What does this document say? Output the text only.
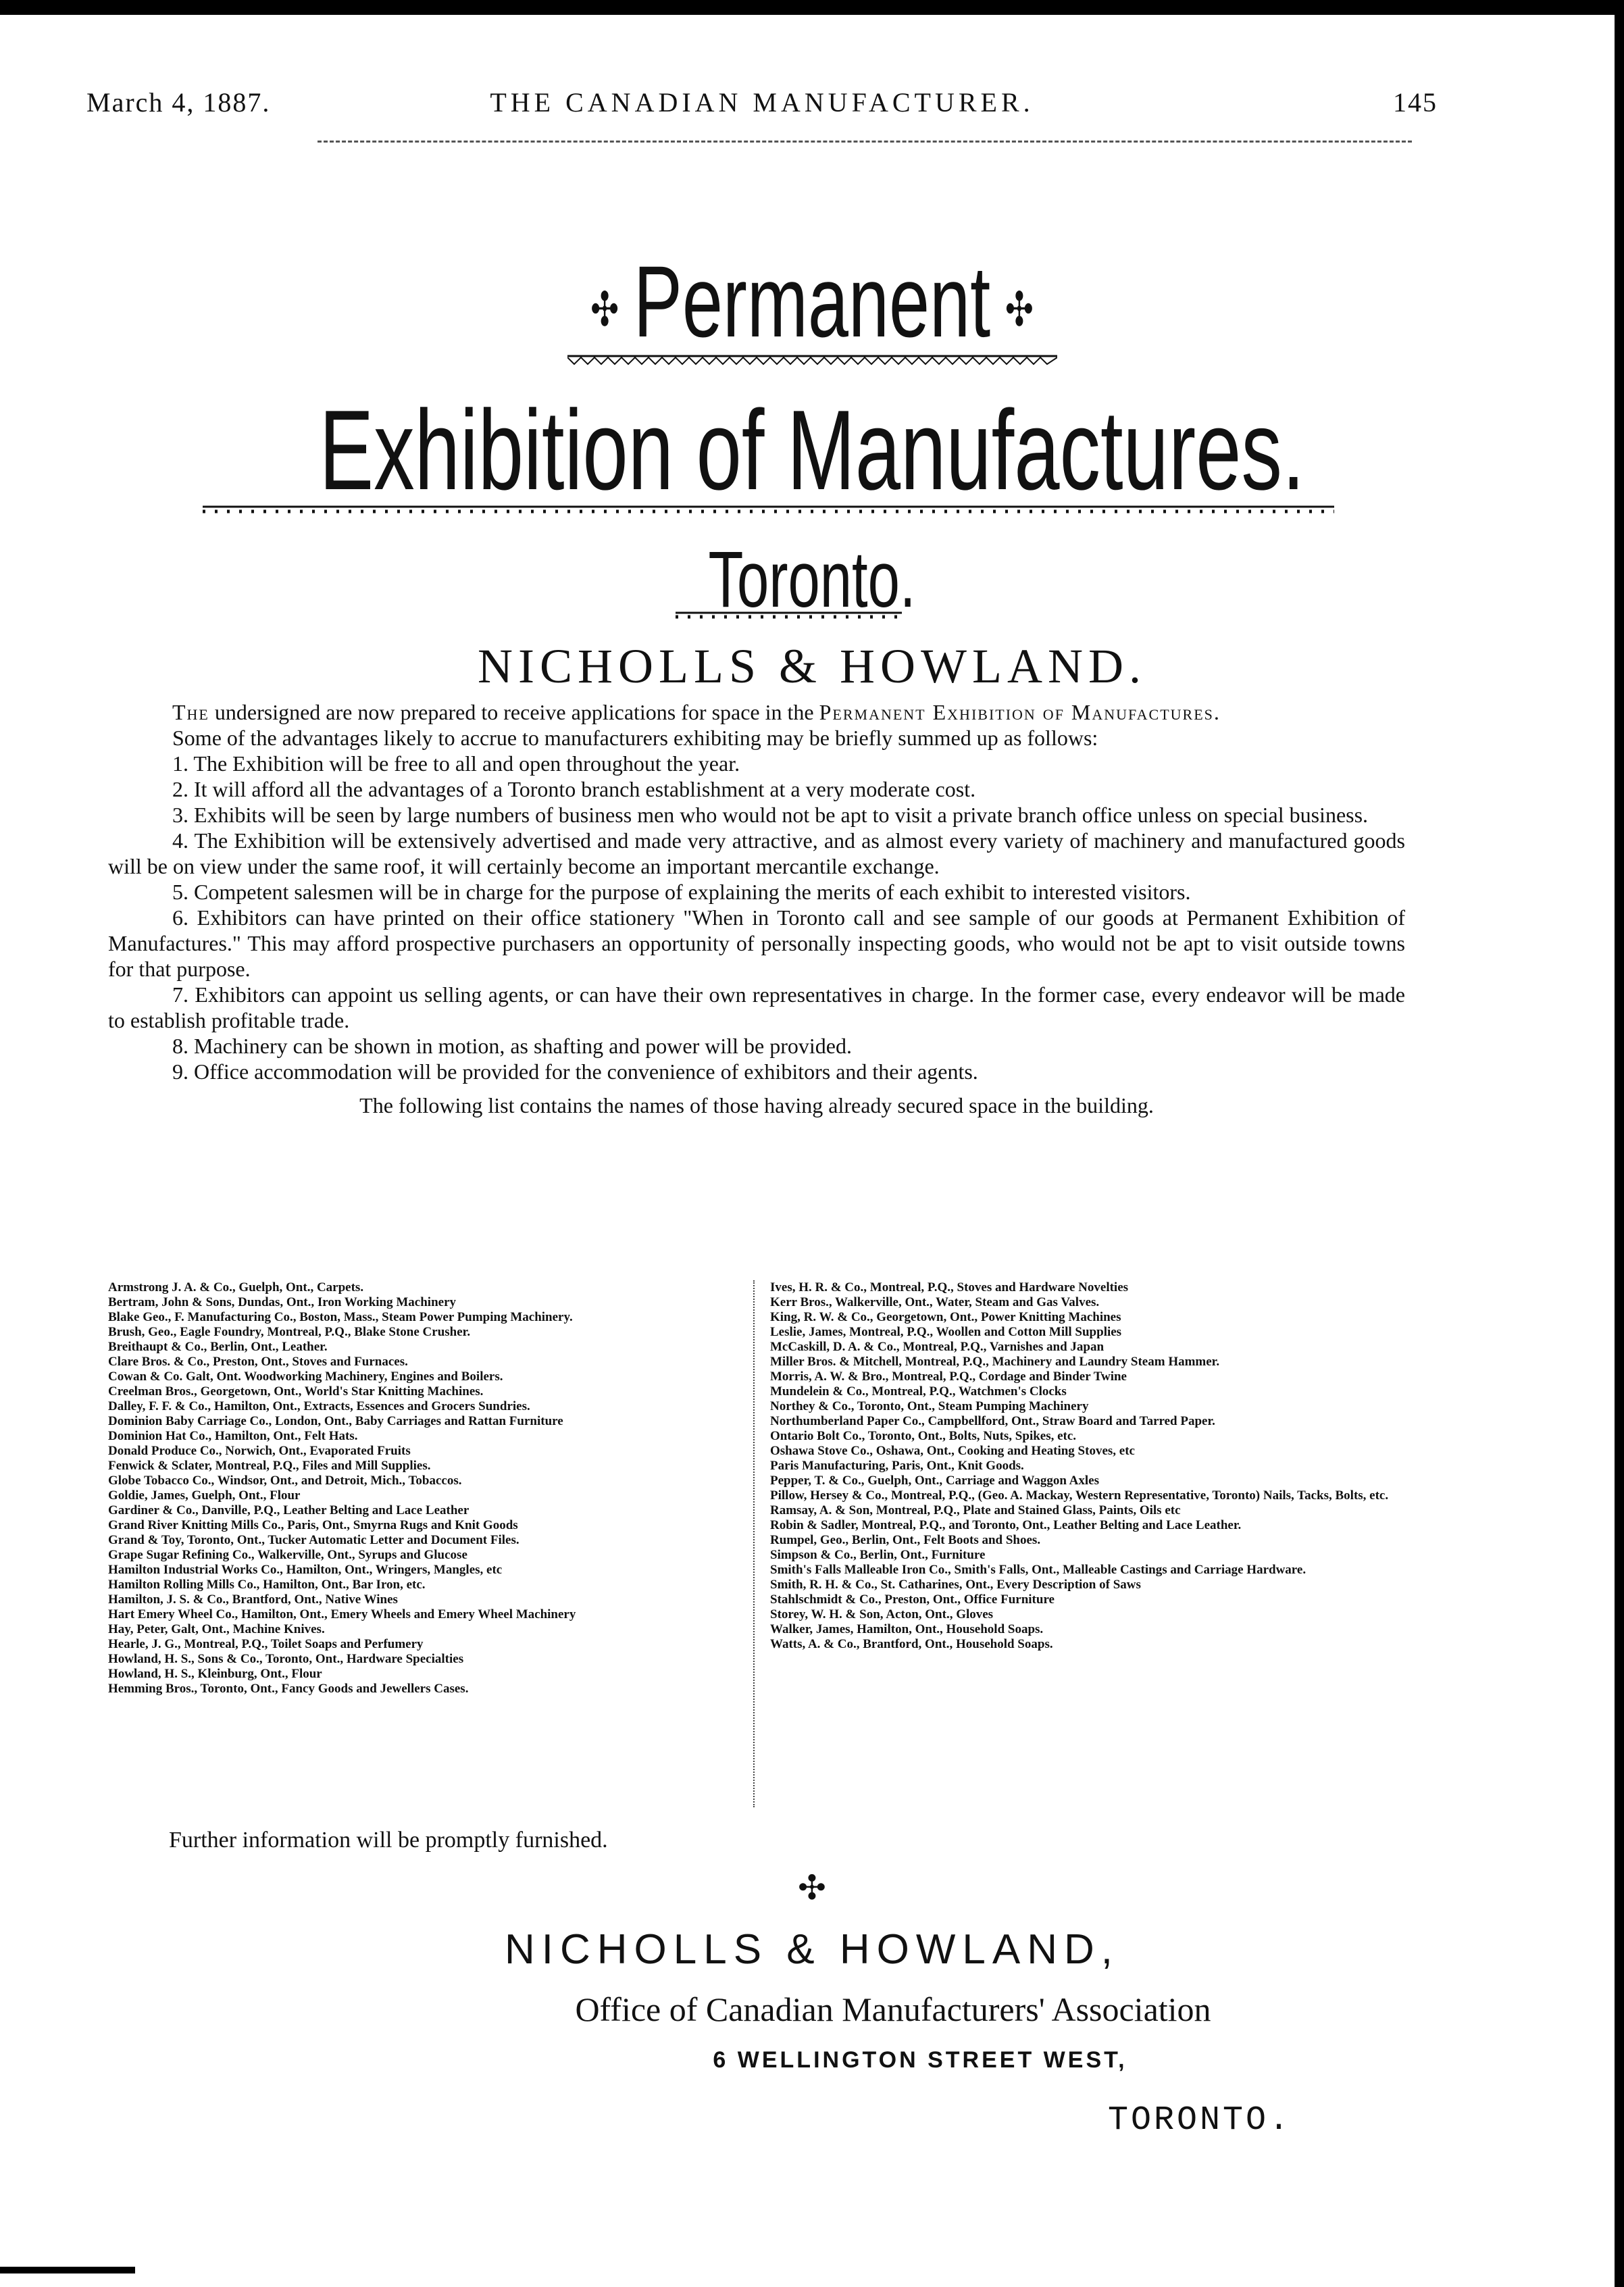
March 4, 1887.	THE CANADIAN MANUFACTURER.	145
✣ Permanent ✣
Exhibition of Manufactures.
Toronto.
NICHOLLS & HOWLAND.

The undersigned are now prepared to receive applications for space in the Permanent Exhibition of Manufactures.

Some of the advantages likely to accrue to manufacturers exhibiting may be briefly summed up as follows:

1. The Exhibition will be free to all and open throughout the year.

2. It will afford all the advantages of a Toronto branch establishment at a very moderate cost.

3. Exhibits will be seen by large numbers of business men who would not be apt to visit a private branch office unless on special business.

4. The Exhibition will be extensively advertised and made very attractive, and as almost every variety of machinery and manufactured goods will be on view under the same roof, it will certainly become an important mercantile exchange.

5. Competent salesmen will be in charge for the purpose of explaining the merits of each exhibit to interested visitors.

6. Exhibitors can have printed on their office stationery "When in Toronto call and see sample of our goods at Permanent Exhibition of Manufactures." This may afford prospective purchasers an opportunity of personally inspecting goods, who would not be apt to visit outside towns for that purpose.

7. Exhibitors can appoint us selling agents, or can have their own representatives in charge. In the former case, every endeavor will be made to establish profitable trade.

8. Machinery can be shown in motion, as shafting and power will be provided.

9. Office accommodation will be provided for the convenience of exhibitors and their agents.

The following list contains the names of those having already secured space in the building.

Armstrong J. A. & Co., Guelph, Ont., Carpets.

Bertram, John & Sons, Dundas, Ont., Iron Working Machinery

Blake Geo., F. Manufacturing Co., Boston, Mass., Steam Power Pumping Machinery.

Brush, Geo., Eagle Foundry, Montreal, P.Q., Blake Stone Crusher.

Breithaupt & Co., Berlin, Ont., Leather.

Clare Bros. & Co., Preston, Ont., Stoves and Furnaces.

Cowan & Co. Galt, Ont. Woodworking Machinery, Engines and Boilers.

Creelman Bros., Georgetown, Ont., World's Star Knitting Machines.

Dalley, F. F. & Co., Hamilton, Ont., Extracts, Essences and Grocers Sundries.

Dominion Baby Carriage Co., London, Ont., Baby Carriages and Rattan Furniture

Dominion Hat Co., Hamilton, Ont., Felt Hats.

Donald Produce Co., Norwich, Ont., Evaporated Fruits

Fenwick & Sclater, Montreal, P.Q., Files and Mill Supplies.

Globe Tobacco Co., Windsor, Ont., and Detroit, Mich., Tobaccos.

Goldie, James, Guelph, Ont., Flour

Gardiner & Co., Danville, P.Q., Leather Belting and Lace Leather

Grand River Knitting Mills Co., Paris, Ont., Smyrna Rugs and Knit Goods

Grand & Toy, Toronto, Ont., Tucker Automatic Letter and Document Files.

Grape Sugar Refining Co., Walkerville, Ont., Syrups and Glucose

Hamilton Industrial Works Co., Hamilton, Ont., Wringers, Mangles, etc

Hamilton Rolling Mills Co., Hamilton, Ont., Bar Iron, etc.

Hamilton, J. S. & Co., Brantford, Ont., Native Wines

Hart Emery Wheel Co., Hamilton, Ont., Emery Wheels and Emery Wheel Machinery

Hay, Peter, Galt, Ont., Machine Knives.

Hearle, J. G., Montreal, P.Q., Toilet Soaps and Perfumery

Howland, H. S., Sons & Co., Toronto, Ont., Hardware Specialties

Howland, H. S., Kleinburg, Ont., Flour

Hemming Bros., Toronto, Ont., Fancy Goods and Jewellers Cases.

Ives, H. R. & Co., Montreal, P.Q., Stoves and Hardware Novelties

Kerr Bros., Walkerville, Ont., Water, Steam and Gas Valves.

King, R. W. & Co., Georgetown, Ont., Power Knitting Machines

Leslie, James, Montreal, P.Q., Woollen and Cotton Mill Supplies

McCaskill, D. A. & Co., Montreal, P.Q., Varnishes and Japan

Miller Bros. & Mitchell, Montreal, P.Q., Machinery and Laundry Steam Hammer.

Morris, A. W. & Bro., Montreal, P.Q., Cordage and Binder Twine

Mundelein & Co., Montreal, P.Q., Watchmen's Clocks

Northey & Co., Toronto, Ont., Steam Pumping Machinery

Northumberland Paper Co., Campbellford, Ont., Straw Board and Tarred Paper.

Ontario Bolt Co., Toronto, Ont., Bolts, Nuts, Spikes, etc.

Oshawa Stove Co., Oshawa, Ont., Cooking and Heating Stoves, etc

Paris Manufacturing, Paris, Ont., Knit Goods.

Pepper, T. & Co., Guelph, Ont., Carriage and Waggon Axles

Pillow, Hersey & Co., Montreal, P.Q., (Geo. A. Mackay, Western Representative, Toronto) Nails, Tacks, Bolts, etc.

Ramsay, A. & Son, Montreal, P.Q., Plate and Stained Glass, Paints, Oils etc

Robin & Sadler, Montreal, P.Q., and Toronto, Ont., Leather Belting and Lace Leather.

Rumpel, Geo., Berlin, Ont., Felt Boots and Shoes.

Simpson & Co., Berlin, Ont., Furniture

Smith's Falls Malleable Iron Co., Smith's Falls, Ont., Malleable Castings and Carriage Hardware.

Smith, R. H. & Co., St. Catharines, Ont., Every Description of Saws

Stahlschmidt & Co., Preston, Ont., Office Furniture

Storey, W. H. & Son, Acton, Ont., Gloves

Walker, James, Hamilton, Ont., Household Soaps.

Watts, A. & Co., Brantford, Ont., Household Soaps.

Further information will be promptly furnished.
✣
NICHOLLS & HOWLAND,
Office of Canadian Manufacturers' Association
6 WELLINGTON STREET WEST,
TORONTO.
